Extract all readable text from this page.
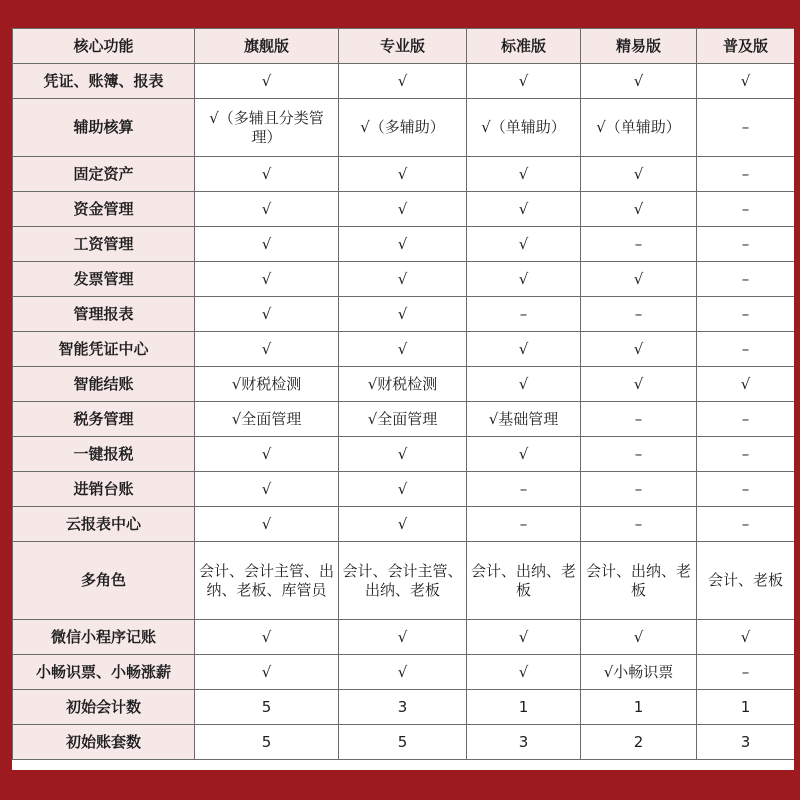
核心功能	旗舰版	专业版	标准版	精易版	普及版
凭证、账簿、报表	√	√	√	√	√
辅助核算	√（多辅且分类管理）	√（多辅助）	√（单辅助）	√（单辅助）	–
固定资产	√	√	√	√	–
资金管理	√	√	√	√	–
工资管理	√	√	√	–	–
发票管理	√	√	√	√	–
管理报表	√	√	–	–	–
智能凭证中心	√	√	√	√	–
智能结账	√财税检测	√财税检测	√	√	√
税务管理	√全面管理	√全面管理	√基础管理	–	–
一键报税	√	√	√	–	–
进销台账	√	√	–	–	–
云报表中心	√	√	–	–	–
多角色	会计、会计主管、出纳、老板、库管员	会计、会计主管、出纳、老板	会计、出纳、老板	会计、出纳、老板	会计、老板
微信小程序记账	√	√	√	√	√
小畅识票、小畅涨薪	√	√	√	√小畅识票	–
初始会计数	5	3	1	1	1
初始账套数	5	5	3	2	3
